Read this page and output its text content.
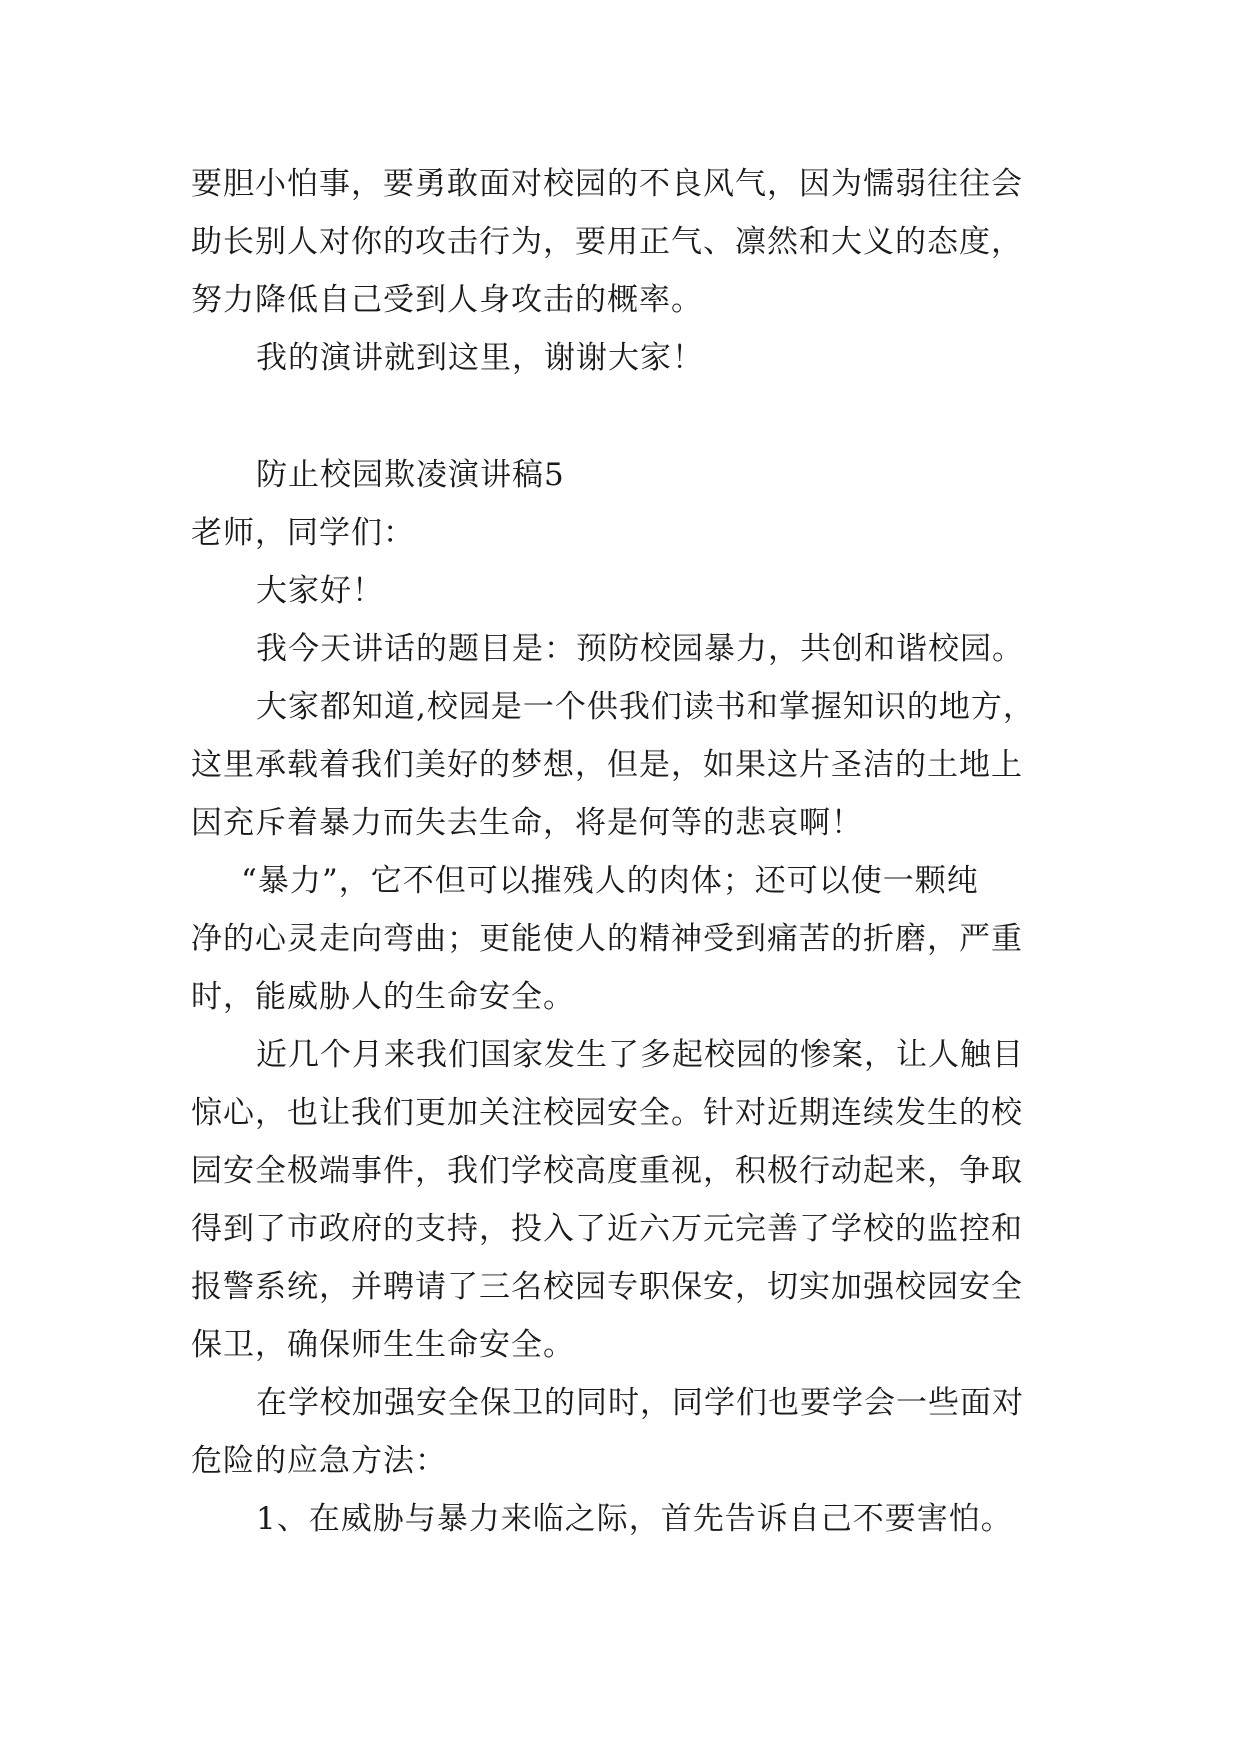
要胆小怕事，要勇敢面对校园的不良风气，因为懦弱往往会
助长别人对你的攻击行为，要用正气、凛然和大义的态度，
努力降低自己受到人身攻击的概率。
我的演讲就到这里，谢谢大家！
防止校园欺凌演讲稿5
老师，同学们：
大家好！
我今天讲话的题目是：预防校园暴力，共创和谐校园。
大家都知道,校园是一个供我们读书和掌握知识的地方，
这里承载着我们美好的梦想，但是，如果这片圣洁的土地上
因充斥着暴力而失去生命，将是何等的悲哀啊！
“暴力”，它不但可以摧残人的肉体；还可以使一颗纯
净的心灵走向弯曲；更能使人的精神受到痛苦的折磨，严重
时，能威胁人的生命安全。
近几个月来我们国家发生了多起校园的惨案，让人触目
惊心，也让我们更加关注校园安全。针对近期连续发生的校
园安全极端事件，我们学校高度重视，积极行动起来，争取
得到了市政府的支持，投入了近六万元完善了学校的监控和
报警系统，并聘请了三名校园专职保安，切实加强校园安全
保卫，确保师生生命安全。
在学校加强安全保卫的同时，同学们也要学会一些面对
危险的应急方法：
1、在威胁与暴力来临之际，首先告诉自己不要害怕。
